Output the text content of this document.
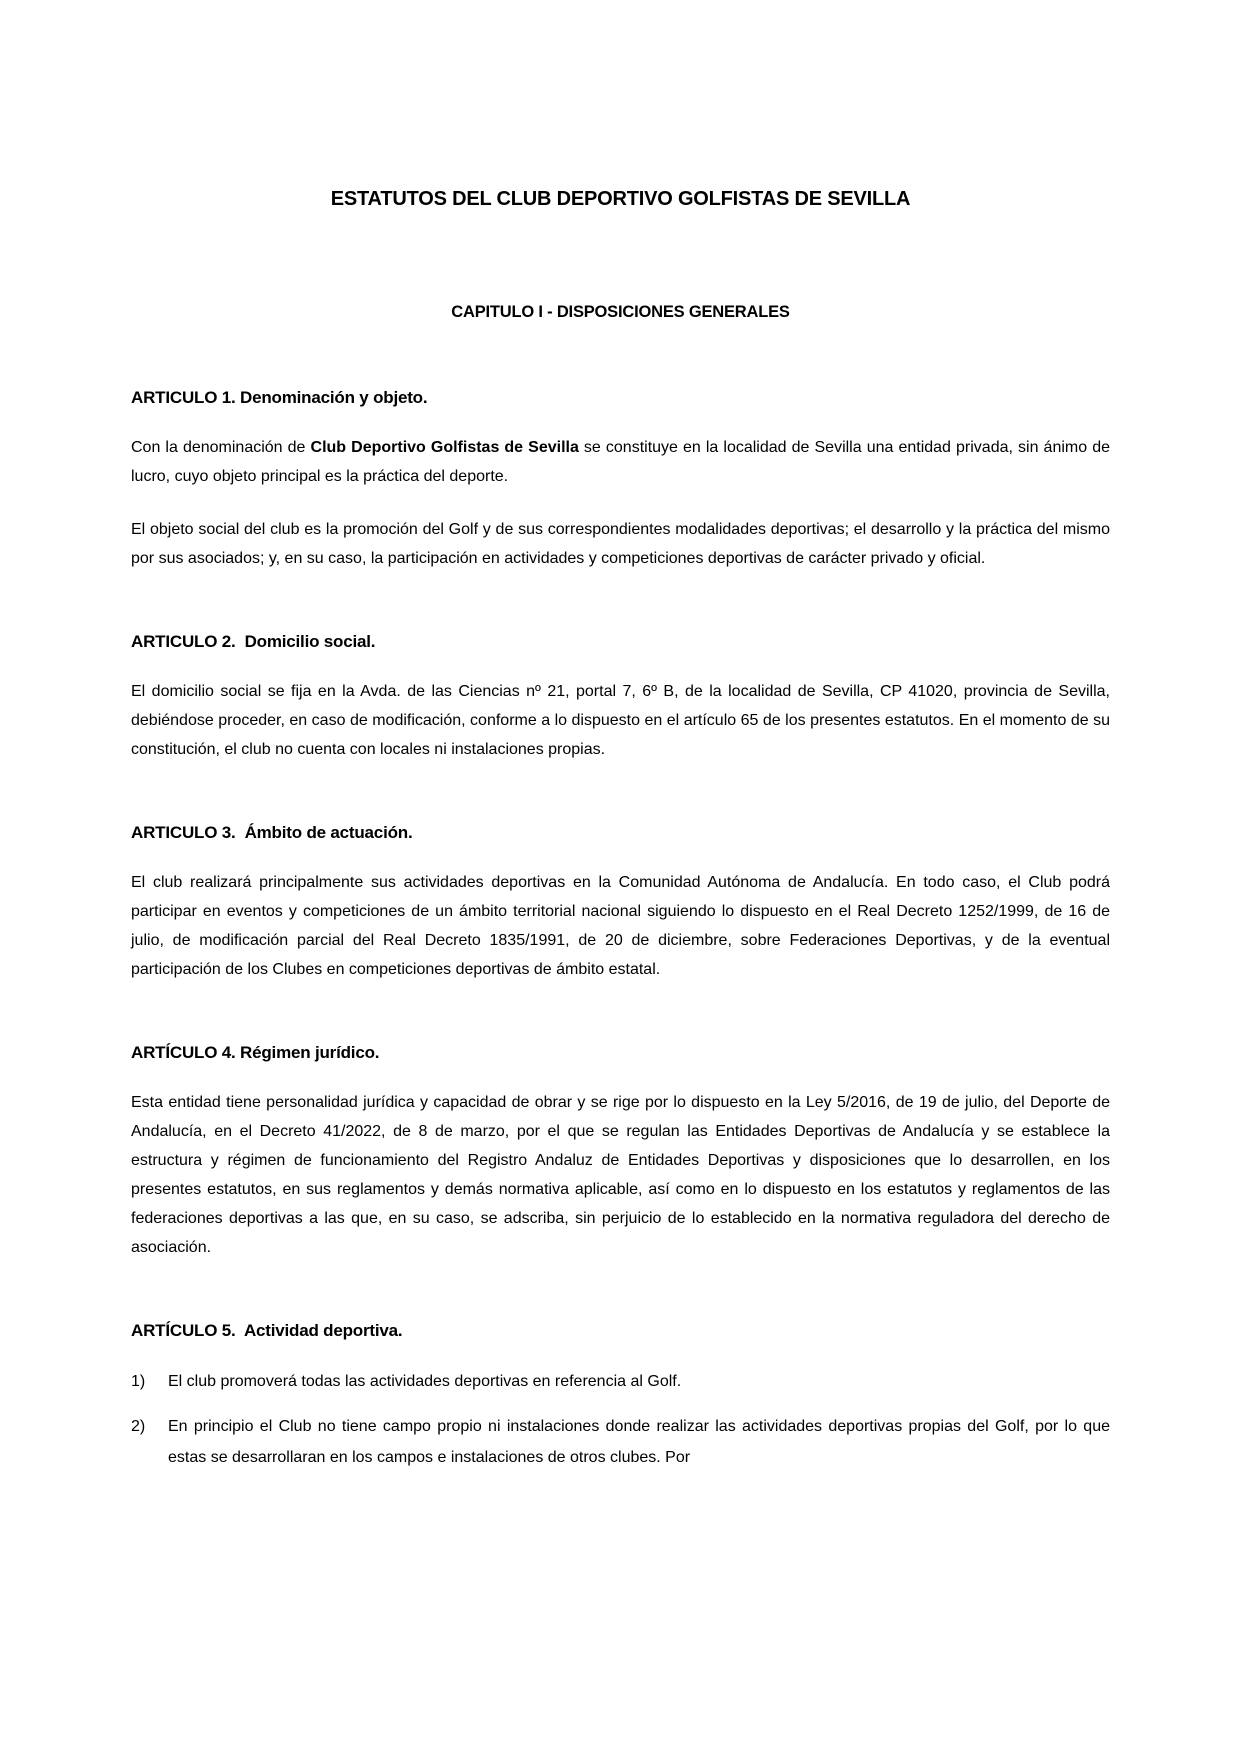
ESTATUTOS DEL CLUB DEPORTIVO GOLFISTAS DE SEVILLA
CAPITULO I - DISPOSICIONES GENERALES
ARTICULO 1. Denominación y objeto.

Con la denominación de Club Deportivo Golfistas de Sevilla se constituye en la localidad de Sevilla una entidad privada, sin ánimo de lucro, cuyo objeto principal es la práctica del deporte.

El objeto social del club es la promoción del Golf y de sus correspondientes modalidades deportivas; el desarrollo y la práctica del mismo por sus asociados; y, en su caso, la participación en actividades y competiciones deportivas de carácter privado y oficial.

ARTICULO 2.  Domicilio social.

El domicilio social se fija en la Avda. de las Ciencias nº 21, portal 7, 6º B, de la localidad de Sevilla, CP 41020, provincia de Sevilla, debiéndose proceder, en caso de modificación, conforme a lo dispuesto en el artículo 65 de los presentes estatutos. En el momento de su constitución, el club no cuenta con locales ni instalaciones propias.

ARTICULO 3.  Ámbito de actuación.

El club realizará principalmente sus actividades deportivas en la Comunidad Autónoma de Andalucía. En todo caso, el Club podrá participar en eventos y competiciones de un ámbito territorial nacional siguiendo lo dispuesto en el Real Decreto 1252/1999, de 16 de julio, de modificación parcial del Real Decreto 1835/1991, de 20 de diciembre, sobre Federaciones Deportivas, y de la eventual participación de los Clubes en competiciones deportivas de ámbito estatal.

ARTÍCULO 4. Régimen jurídico.

Esta entidad tiene personalidad jurídica y capacidad de obrar y se rige por lo dispuesto en la Ley 5/2016, de 19 de julio, del Deporte de Andalucía, en el Decreto 41/2022, de 8 de marzo, por el que se regulan las Entidades Deportivas de Andalucía y se establece la estructura y régimen de funcionamiento del Registro Andaluz de Entidades Deportivas y disposiciones que lo desarrollen, en los presentes estatutos, en sus reglamentos y demás normativa aplicable, así como en lo dispuesto en los estatutos y reglamentos de las federaciones deportivas a las que, en su caso, se adscriba, sin perjuicio de lo establecido en la normativa reguladora del derecho de asociación.

ARTÍCULO 5.  Actividad deportiva.
1)	El club promoverá todas las actividades deportivas en referencia al Golf.
2)	En principio el Club no tiene campo propio ni instalaciones donde realizar las actividades deportivas propias del Golf, por lo que estas se desarrollaran en los campos e instalaciones de otros clubes. Por
